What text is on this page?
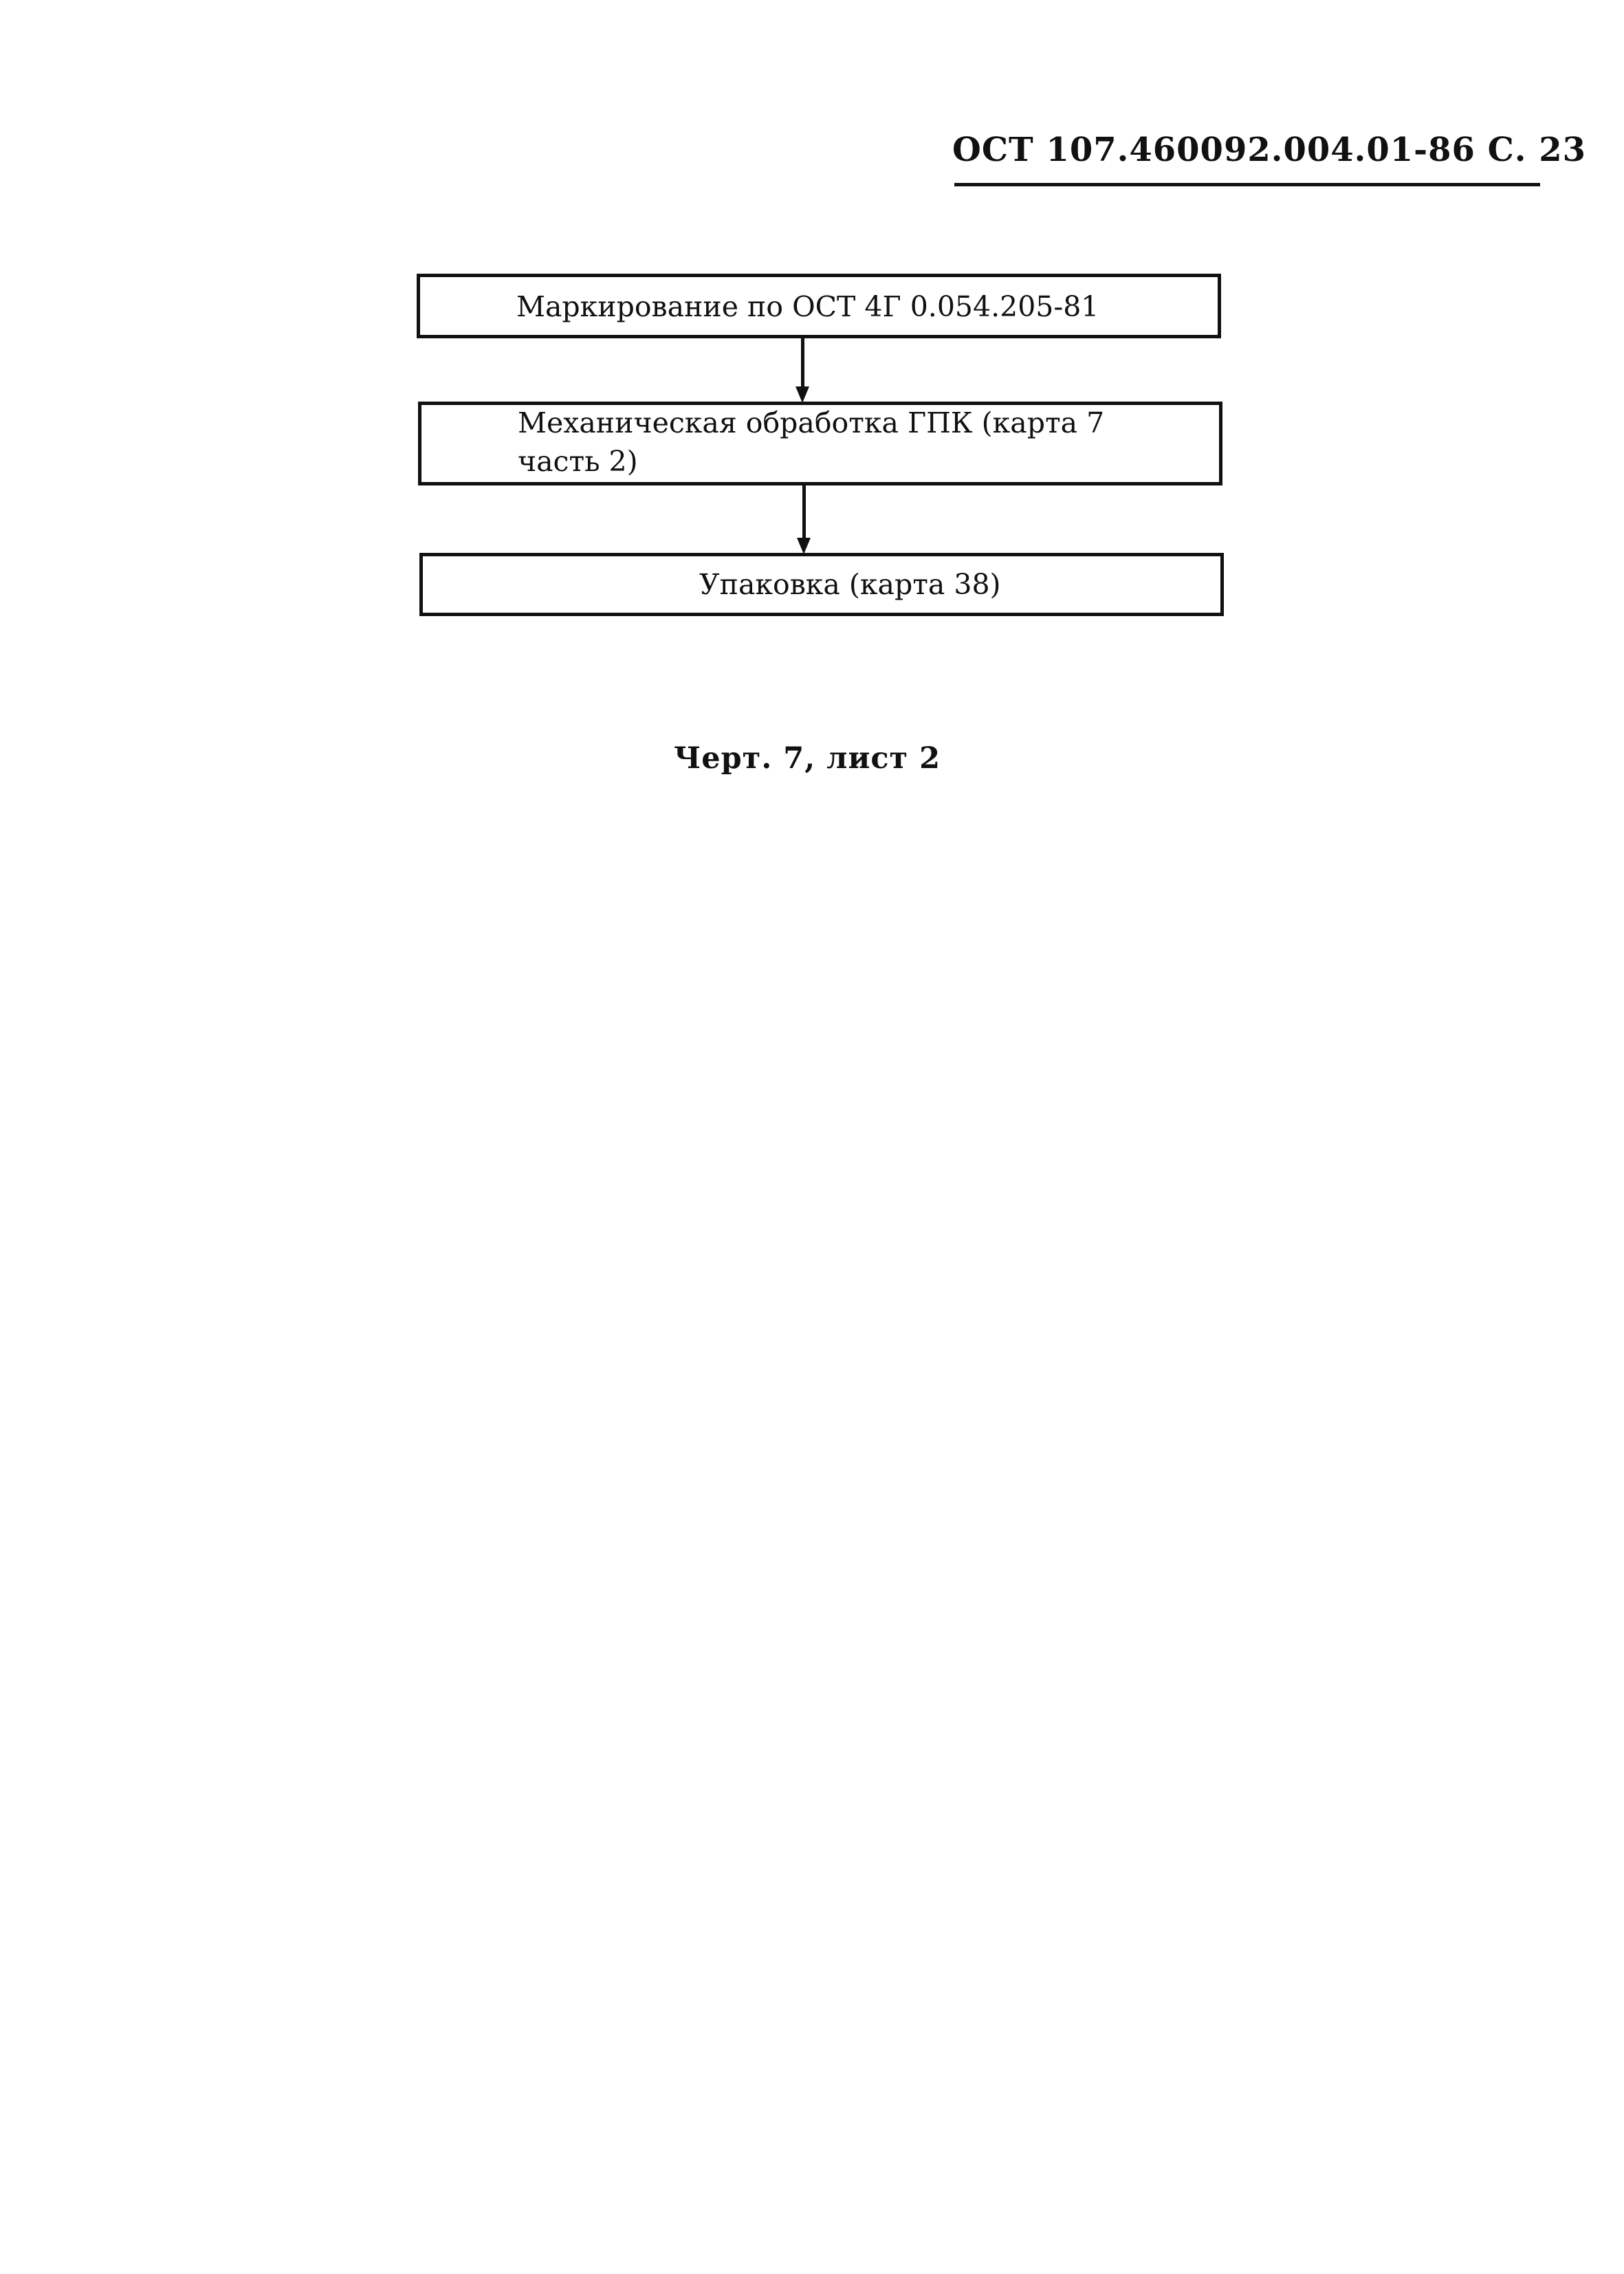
ОСТ 107.460092.004.01-86 С. 23
Маркирование по ОСТ 4Г 0.054.205-81
Механическая обработка ГПК (карта 7
часть 2)
Упаковка (карта 38)
Черт. 7, лист 2
